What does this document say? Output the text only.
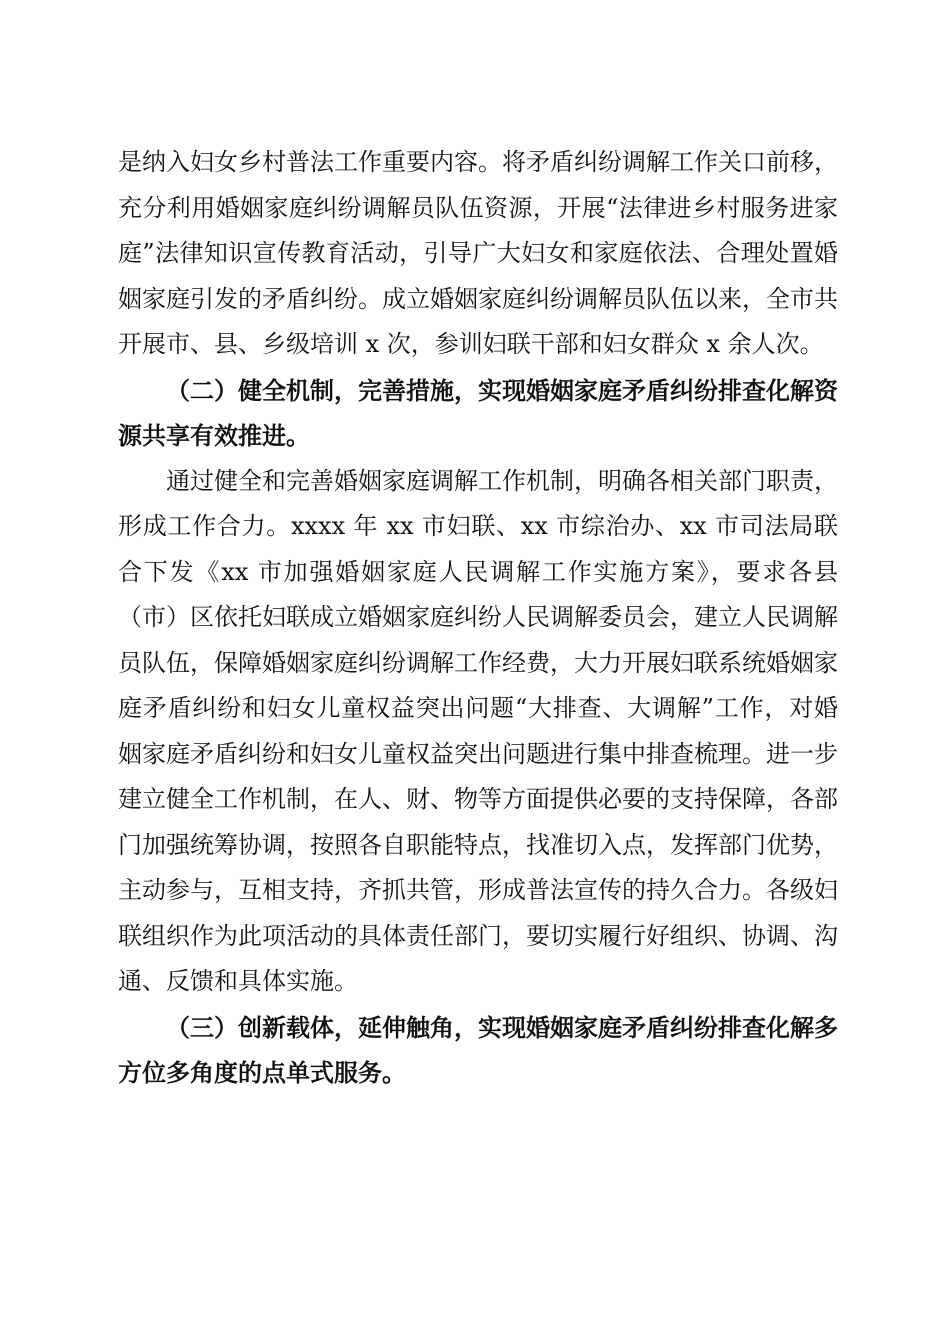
是纳入妇女乡村普法工作重要内容。将矛盾纠纷调解工作关口前移，充分利用婚姻家庭纠纷调解员队伍资源，开展“法律进乡村服务进家庭”法律知识宣传教育活动，引导广大妇女和家庭依法、合理处置婚姻家庭引发的矛盾纠纷。成立婚姻家庭纠纷调解员队伍以来，全市共开展市、县、乡级培训 x 次，参训妇联干部和妇女群众 x 余人次。

（二）健全机制，完善措施，实现婚姻家庭矛盾纠纷排查化解资源共享有效推进。

通过健全和完善婚姻家庭调解工作机制，明确各相关部门职责，形成工作合力。xxxx 年 xx 市妇联、xx 市综治办、xx 市司法局联合下发《xx 市加强婚姻家庭人民调解工作实施方案》，要求各县（市）区依托妇联成立婚姻家庭纠纷人民调解委员会，建立人民调解员队伍，保障婚姻家庭纠纷调解工作经费，大力开展妇联系统婚姻家庭矛盾纠纷和妇女儿童权益突出问题“大排查、大调解”工作，对婚姻家庭矛盾纠纷和妇女儿童权益突出问题进行集中排查梳理。进一步建立健全工作机制，在人、财、物等方面提供必要的支持保障，各部门加强统筹协调，按照各自职能特点，找准切入点，发挥部门优势，主动参与，互相支持，齐抓共管，形成普法宣传的持久合力。各级妇联组织作为此项活动的具体责任部门，要切实履行好组织、协调、沟通、反馈和具体实施。

（三）创新载体，延伸触角，实现婚姻家庭矛盾纠纷排查化解多方位多角度的点单式服务。
